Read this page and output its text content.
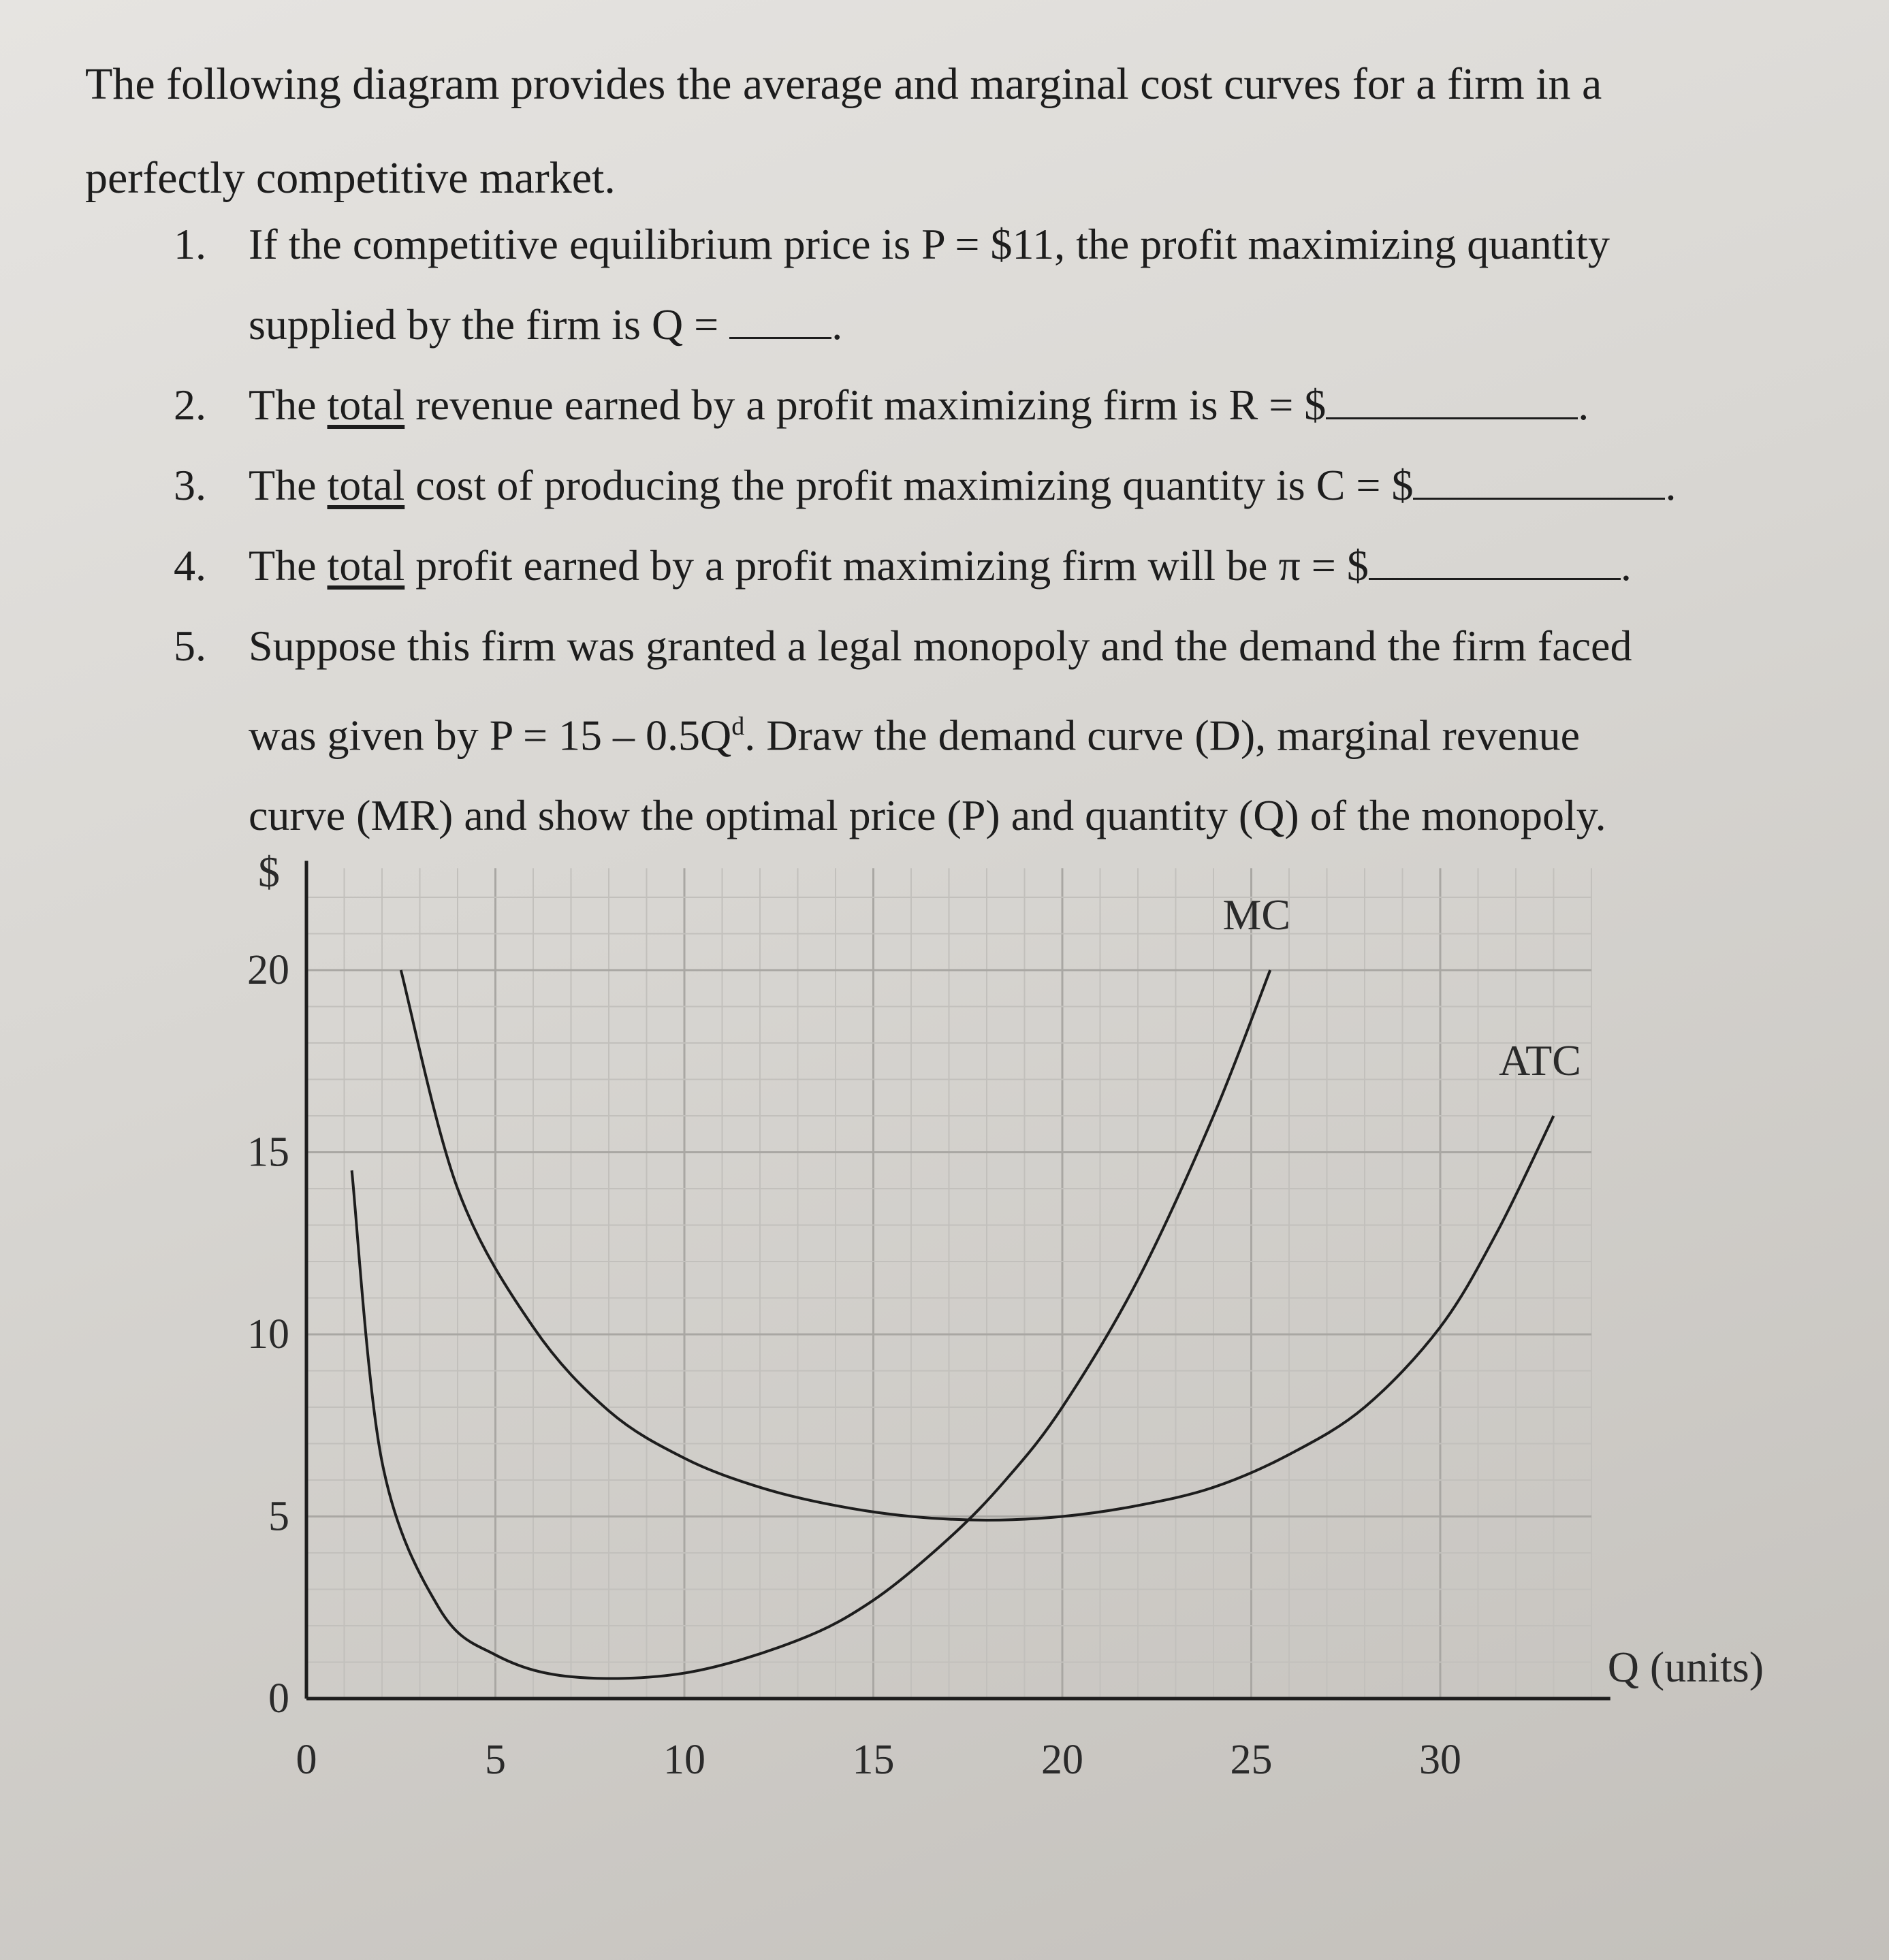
The following diagram provides the average and marginal cost curves for a firm in a
perfectly competitive market.
1. If the competitive equilibrium price is P = $11, the profit maximizing quantity
supplied by the firm is Q = .
2. The total revenue earned by a profit maximizing firm is R = $	.
3. The total cost of producing the profit maximizing quantity is C = $	.
4. The total profit earned by a profit maximizing firm will be π = $	.
5. Suppose this firm was granted a legal monopoly and the demand the firm faced
was given by $P = 15 - 0.5Q^d$. Draw the demand curve (D), marginal revenue
curve (MR) and show the optimal price (P) and quantity (Q) of the monopoly.
0	5	10	15	20	25	30
0
5
10
15
20
MC
ATC
$
Q (units)
